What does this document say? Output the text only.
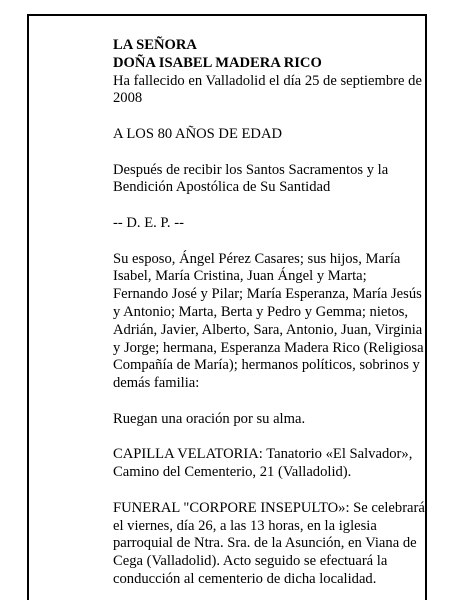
LA SEÑORA

DOÑA ISABEL MADERA RICO

Ha fallecido en Valladolid el día 25 de septiembre de 2008

A LOS 80 AÑOS DE EDAD

Después de recibir los Santos Sacramentos y la Bendición Apostólica de Su Santidad

-- D. E. P. --

Su esposo, Ángel Pérez Casares; sus hijos, María Isabel, María Cristina, Juan Ángel y Marta; Fernando José y Pilar; María Esperanza, María Jesús y Antonio; Marta, Berta y Pedro y Gemma; nietos, Adrián, Javier, Alberto, Sara, Antonio, Juan, Virginia y Jorge; hermana, Esperanza Madera Rico (Religiosa Compañía de María); hermanos políticos, sobrinos y demás familia:

Ruegan una oración por su alma.

CAPILLA VELATORIA: Tanatorio «El Salvador», Camino del Cementerio, 21 (Valladolid).

FUNERAL "CORPORE INSEPULTO»: Se celebrará el viernes, día 26, a las 13 horas, en la iglesia parroquial de Ntra. Sra. de la Asunción, en Viana de Cega (Valladolid). Acto seguido se efectuará la conducción al cementerio de dicha localidad.
